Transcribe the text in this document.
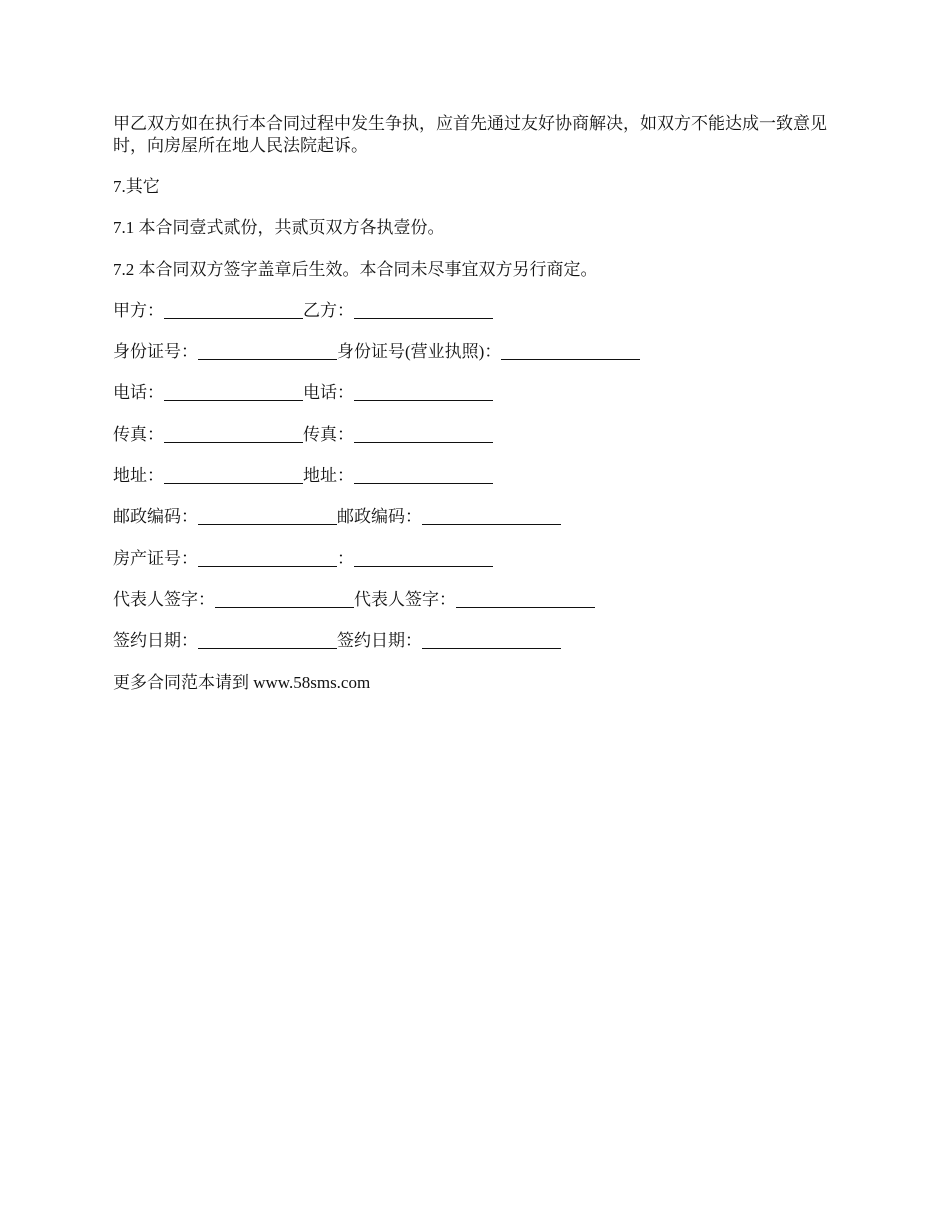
甲乙双方如在执行本合同过程中发生争执，应首先通过友好协商解决，如双方不能达成一致意见时，向房屋所在地人民法院起诉。

7.其它
7.1 本合同壹式贰份，共贰页双方各执壹份。
7.2 本合同双方签字盖章后生效。本合同未尽事宜双方另行商定。
甲方：	乙方：
身份证号：	身份证号(营业执照)：
电话：	电话：
传真：	传真：
地址：	地址：
邮政编码：	邮政编码：
房产证号：	：
代表人签字：	代表人签字：
签约日期：	签约日期：
更多合同范本请到 www.58sms.com
